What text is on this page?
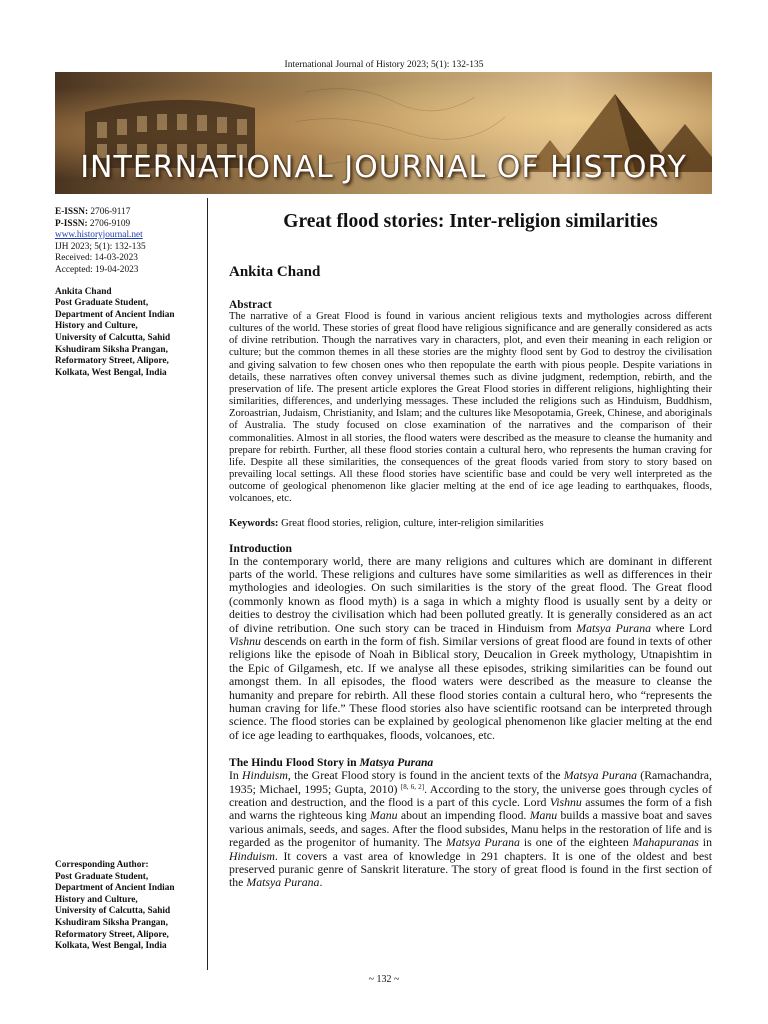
International Journal of History 2023; 5(1): 132-135
INTERNATIONAL JOURNAL OF HISTORY
E-ISSN: 2706-9117
P-ISSN: 2706-9109
www.historyjournal.net
IJH 2023; 5(1): 132-135
Received: 14-03-2023
Accepted: 19-04-2023
Ankita Chand
Post Graduate Student,
Department of Ancient Indian
History and Culture,
University of Calcutta, Sahid
Kshudiram Siksha Prangan,
Reformatory Street, Alipore,
Kolkata, West Bengal, India
Corresponding Author:
Post Graduate Student,
Department of Ancient Indian
History and Culture,
University of Calcutta, Sahid
Kshudiram Siksha Prangan,
Reformatory Street, Alipore,
Kolkata, West Bengal, India
Great flood stories: Inter-religion similarities
Ankita Chand
Abstract

The narrative of a Great Flood is found in various ancient religious texts and mythologies across different cultures of the world. These stories of great flood have religious significance and are generally considered as acts of divine retribution. Though the narratives vary in characters, plot, and even their meaning in each religion or culture; but the common themes in all these stories are the mighty flood sent by God to destroy the civilisation and giving salvation to few chosen ones who then repopulate the earth with pious people. Despite variations in details, these narratives often convey universal themes such as divine judgment, redemption, rebirth, and the preservation of life. The present article explores the Great Flood stories in different religions, highlighting their similarities, differences, and underlying messages. These included the religions such as Hinduism, Buddhism, Zoroastrian, Judaism, Christianity, and Islam; and the cultures like Mesopotamia, Greek, Chinese, and aboriginals of Australia. The study focused on close examination of the narratives and the comparison of their commonalities. Almost in all stories, the flood waters were described as the measure to cleanse the humanity and prepare for rebirth. Further, all these flood stories contain a cultural hero, who represents the human craving for life. Despite all these similarities, the consequences of the great floods varied from story to story based on prevailing local settings. All these flood stories have scientific base and could be very well interpreted as the outcome of geological phenomenon like glacier melting at the end of ice age leading to earthquakes, floods, volcanoes, etc.

Keywords: Great flood stories, religion, culture, inter-religion similarities
Introduction

In the contemporary world, there are many religions and cultures which are dominant in different parts of the world. These religions and cultures have some similarities as well as differences in their mythologies and ideologies. On such similarities is the story of the great flood. The Great flood (commonly known as flood myth) is a saga in which a mighty flood is usually sent by a deity or deities to destroy the civilisation which had been polluted greatly. It is generally considered as an act of divine retribution. One such story can be traced in Hinduism from Matsya Purana where Lord Vishnu descends on earth in the form of fish. Similar versions of great flood are found in texts of other religions like the episode of Noah in Biblical story, Deucalion in Greek mythology, Utnapishtim in the Epic of Gilgamesh, etc. If we analyse all these episodes, striking similarities can be found out amongst them. In all episodes, the flood waters were described as the measure to cleanse the humanity and prepare for rebirth. All these flood stories contain a cultural hero, who “represents the human craving for life.” These flood stories also have scientific rootsand can be interpreted through science. The flood stories can be explained by geological phenomenon like glacier melting at the end of ice age leading to earthquakes, floods, volcanoes, etc.

The Hindu Flood Story in Matsya Purana

In Hinduism, the Great Flood story is found in the ancient texts of the Matsya Purana (Ramachandra, 1935; Michael, 1995; Gupta, 2010) [8, 6, 2]. According to the story, the universe goes through cycles of creation and destruction, and the flood is a part of this cycle. Lord Vishnu assumes the form of a fish and warns the righteous king Manu about an impending flood. Manu builds a massive boat and saves various animals, seeds, and sages. After the flood subsides, Manu helps in the restoration of life and is regarded as the progenitor of humanity. The Matsya Purana is one of the eighteen Mahapuranas in Hinduism. It covers a vast area of knowledge in 291 chapters. It is one of the oldest and best preserved puranic genre of Sanskrit literature. The story of great flood is found in the first section of the Matsya Purana.

~ 132 ~
